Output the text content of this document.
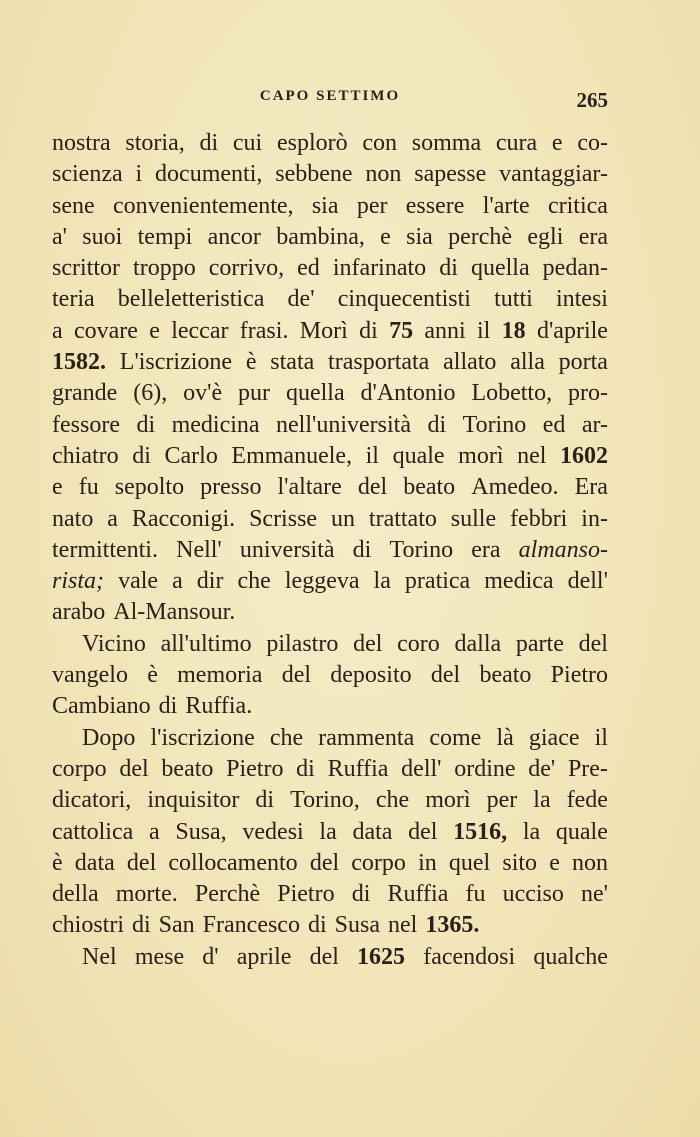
CAPO SETTIMO	265
nostra storia, di cui esplorò con somma cura e co-
scienza i documenti, sebbene non sapesse vantaggiar-
sene convenientemente, sia per essere l'arte critica
a' suoi tempi ancor bambina, e sia perchè egli era
scrittor troppo corrivo, ed infarinato di quella pedan-
teria belleletteristica de' cinquecentisti tutti intesi
a covare e leccar frasi. Morì di 75 anni il 18 d'aprile
1582. L'iscrizione è stata trasportata allato alla porta
grande (6), ov'è pur quella d'Antonio Lobetto, pro-
fessore di medicina nell'università di Torino ed ar-
chiatro di Carlo Emmanuele, il quale morì nel 1602
e fu sepolto presso l'altare del beato Amedeo. Era
nato a Racconigi. Scrisse un trattato sulle febbri in-
termittenti. Nell' università di Torino era almanso-
rista; vale a dir che leggeva la pratica medica dell'
arabo Al-Mansour.
Vicino all'ultimo pilastro del coro dalla parte del
vangelo è memoria del deposito del beato Pietro
Cambiano di Ruffia.
Dopo l'iscrizione che rammenta come là giace il
corpo del beato Pietro di Ruffia dell' ordine de' Pre-
dicatori, inquisitor di Torino, che morì per la fede
cattolica a Susa, vedesi la data del 1516, la quale
è data del collocamento del corpo in quel sito e non
della morte. Perchè Pietro di Ruffia fu ucciso ne'
chiostri di San Francesco di Susa nel 1365.
Nel mese d' aprile del 1625 facendosi qualche
